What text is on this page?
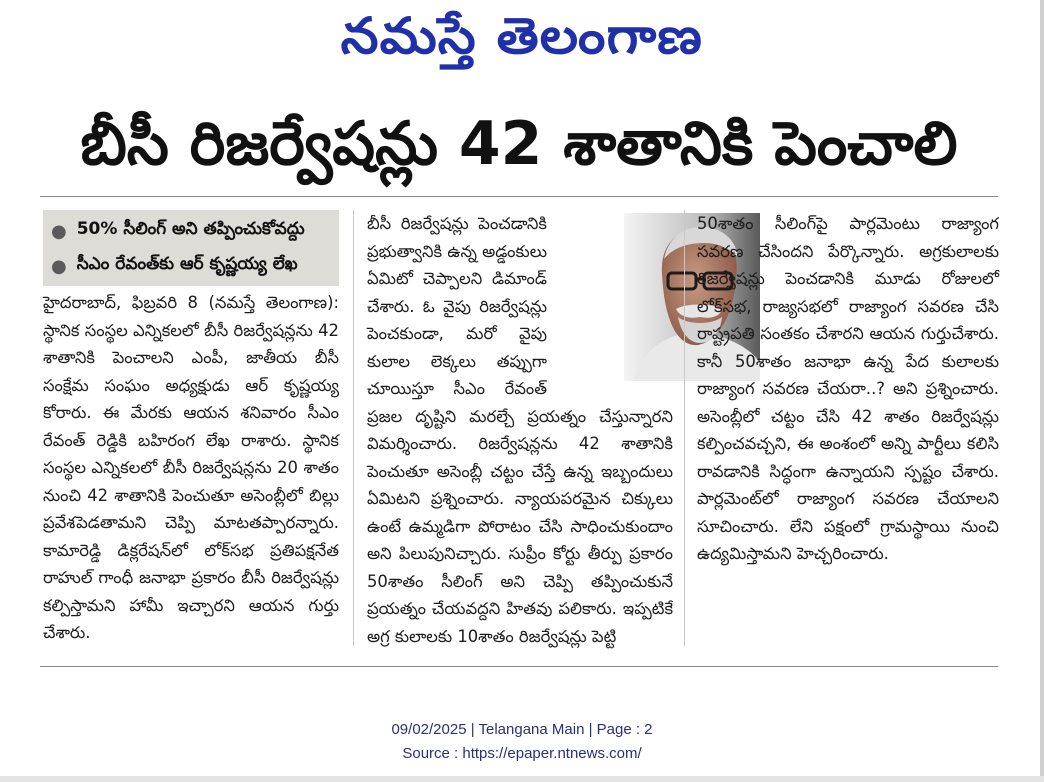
నమస్తే తెలంగాణ
బీసీ రిజర్వేషన్లు 42 శాతానికి పెంచాలి
● 50% సీలింగ్ అని తప్పించుకోవద్దు
● సీఎం రేవంత్‌కు ఆర్ కృష్ణయ్య లేఖ

హైదరాబాద్, ఫిబ్రవరి 8 (నమస్తే తెలంగాణ): స్థానిక సంస్థల ఎన్నికలలో బీసీ రిజర్వేషన్లను 42 శాతానికి పెంచాలని ఎంపీ, జాతీయ బీసీ సంక్షేమ సంఘం అధ్యక్షుడు ఆర్ కృష్ణయ్య కోరారు. ఈ మేరకు ఆయన శనివారం సీఎం రేవంత్ రెడ్డికి బహిరంగ లేఖ రాశారు. స్థానిక సంస్థల ఎన్నికలలో బీసీ రిజర్వేషన్లను 20 శాతం నుంచి 42 శాతానికి పెంచుతూ అసెంబ్లీలో బిల్లు ప్రవేశపెడతామని చెప్పి మాటతప్పారన్నారు. కామారెడ్డి డిక్లరేషన్‌లో లోక్‌సభ ప్రతిపక్షనేత రాహుల్ గాంధీ జనాభా ప్రకారం బీసీ రిజర్వేషన్లు కల్పిస్తామని హామీ ఇచ్చారని ఆయన గుర్తు చేశారు.

బీసీ రిజర్వేషన్లు పెంచడానికి ప్రభుత్వానికి ఉన్న అడ్డంకులు ఏమిటో చెప్పాలని డిమాండ్ చేశారు. ఓ వైపు రిజర్వేషన్లు పెంచకుండా, మరో వైపు కులాల లెక్కలు తప్పుగా చూయిస్తూ సీఎం రేవంత్ ప్రజల దృష్టిని మరల్చే ప్రయత్నం చేస్తున్నారని విమర్శించారు. రిజర్వేషన్లను 42 శాతానికి పెంచుతూ అసెంబ్లీ చట్టం చేస్తే ఉన్న ఇబ్బందులు ఏమిటని ప్రశ్నించారు. న్యాయపరమైన చిక్కులు ఉంటే ఉమ్మడిగా పోరాటం చేసి సాధించుకుందాం అని పిలుపునిచ్చారు. సుప్రీం కోర్టు తీర్పు ప్రకారం 50శాతం సీలింగ్ అని చెప్పి తప్పించుకునే ప్రయత్నం చేయవద్దని హితవు పలికారు. ఇప్పటికే అగ్ర కులాలకు 10శాతం రిజర్వేషన్లు పెట్టి

50శాతం సీలింగ్‌పై పార్లమెంటు రాజ్యాంగ సవరణ చేసిందని పేర్కొన్నారు. అగ్రకులాలకు రిజర్వేషన్లు పెంచడానికి మూడు రోజులలో లోక్‌సభ, రాజ్యసభలో రాజ్యాంగ సవరణ చేసి రాష్ట్రపతి సంతకం చేశారని ఆయన గుర్తుచేశారు. కానీ 50శాతం జనాభా ఉన్న పేద కులాలకు రాజ్యాంగ సవరణ చేయరా..? అని ప్రశ్నించారు. అసెంబ్లీలో చట్టం చేసి 42 శాతం రిజర్వేషన్లు కల్పించవచ్చని, ఈ అంశంలో అన్ని పార్టీలు కలిసి రావడానికి సిద్ధంగా ఉన్నాయని స్పష్టం చేశారు. పార్లమెంట్‌లో రాజ్యాంగ సవరణ చేయాలని సూచించారు. లేని పక్షంలో గ్రామస్థాయి నుంచి ఉద్యమిస్తామని హెచ్చరించారు.

09/02/2025 | Telangana Main | Page : 2
Source : https://epaper.ntnews.com/
